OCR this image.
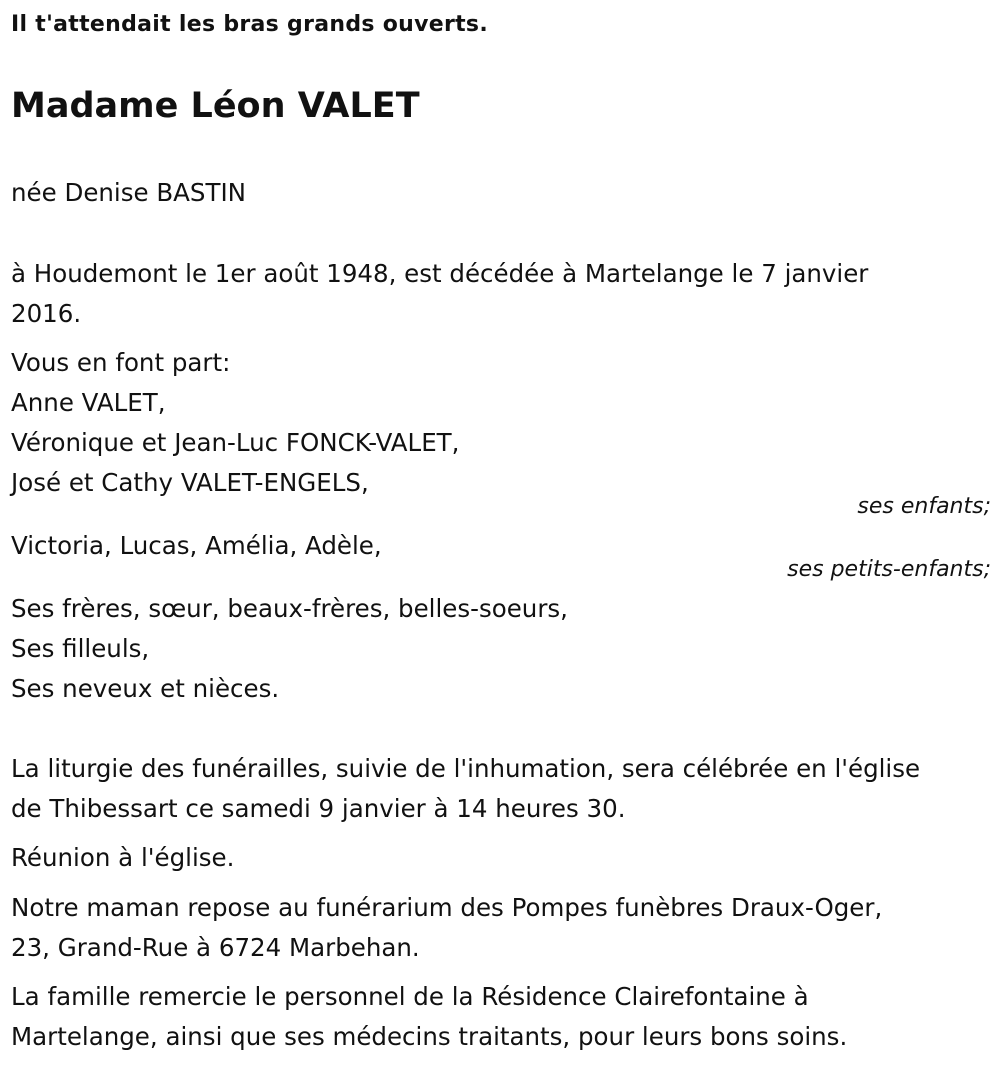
Il t'attendait les bras grands ouverts.
Madame Léon VALET
née Denise BASTIN
à Houdemont le 1er août 1948, est décédée à Martelange le 7 janvier
2016.
Vous en font part:
Anne VALET,
Véronique et Jean-Luc FONCK-VALET,
José et Cathy VALET-ENGELS,
ses enfants;
Victoria, Lucas, Amélia, Adèle,
ses petits-enfants;
Ses frères, sœur, beaux-frères, belles-soeurs,
Ses filleuls,
Ses neveux et nièces.
La liturgie des funérailles, suivie de l'inhumation, sera célébrée en l'église
de Thibessart ce samedi 9 janvier à 14 heures 30.
Réunion à l'église.
Notre maman repose au funérarium des Pompes funèbres Draux-Oger,
23, Grand-Rue à 6724 Marbehan.
La famille remercie le personnel de la Résidence Clairefontaine à
Martelange, ainsi que ses médecins traitants, pour leurs bons soins.
